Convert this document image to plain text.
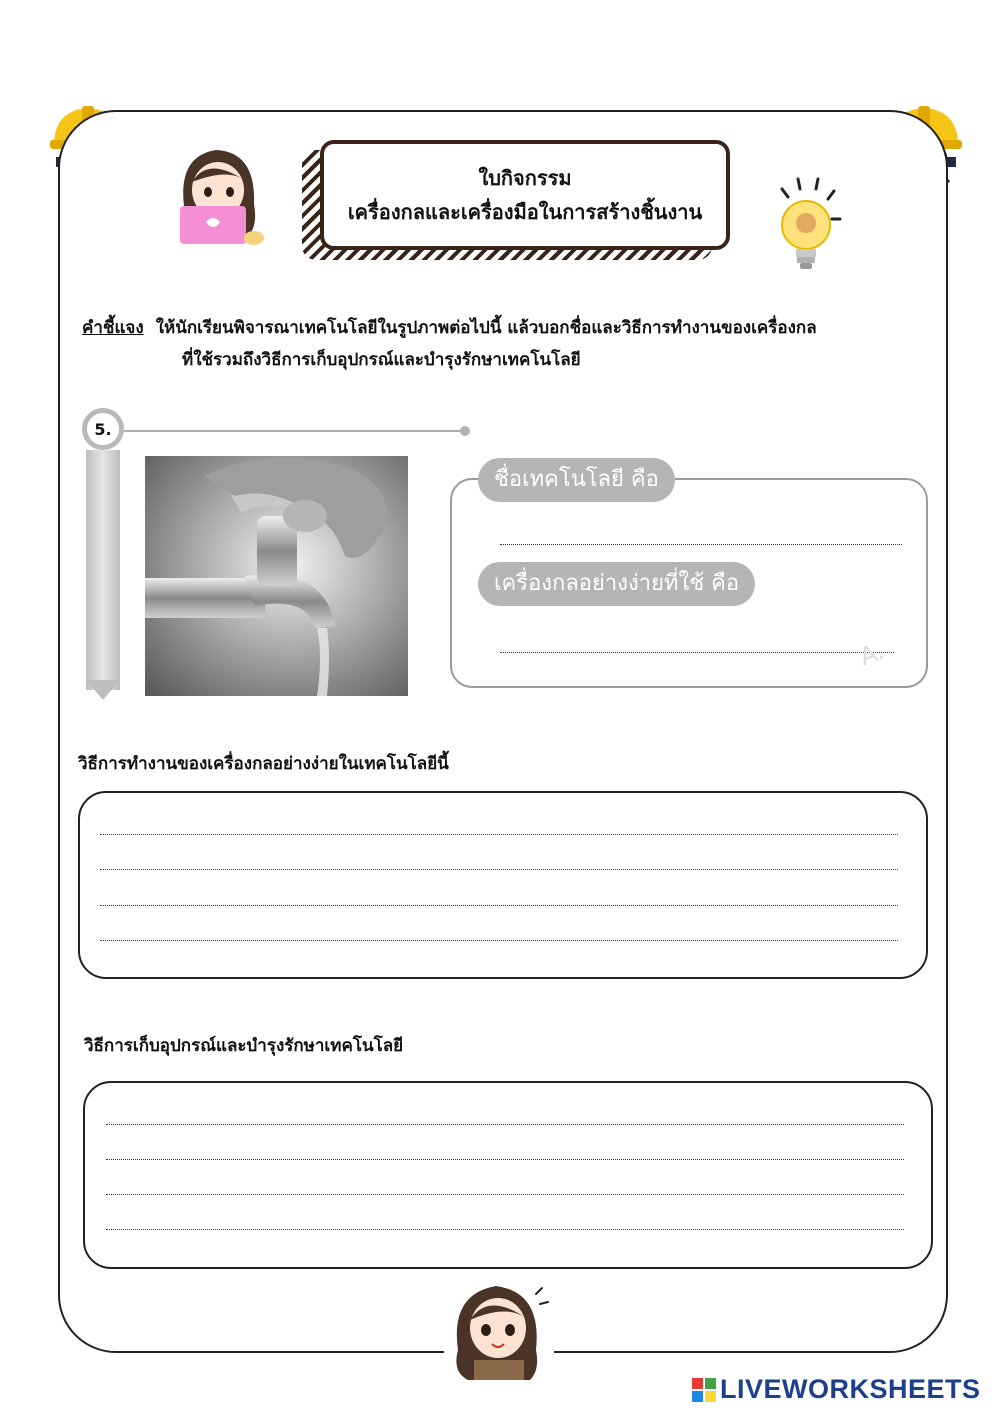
ใบกิจกรรม
เครื่องกลและเครื่องมือในการสร้างชิ้นงาน
คำชี้แจง ให้นักเรียนพิจารณาเทคโนโลยีในรูปภาพต่อไปนี้ แล้วบอกชื่อและวิธีการทำงานของเครื่องกล
ที่ใช้รวมถึงวิธีการเก็บอุปกรณ์และบำรุงรักษาเทคโนโลยี
5.
ชื่อเทคโนโลยี คือ
เครื่องกลอย่างง่ายที่ใช้ คือ
A.
วิธีการทำงานของเครื่องกลอย่างง่ายในเทคโนโลยีนี้
วิธีการเก็บอุปกรณ์และบำรุงรักษาเทคโนโลยี
LIVEWORKSHEETS
